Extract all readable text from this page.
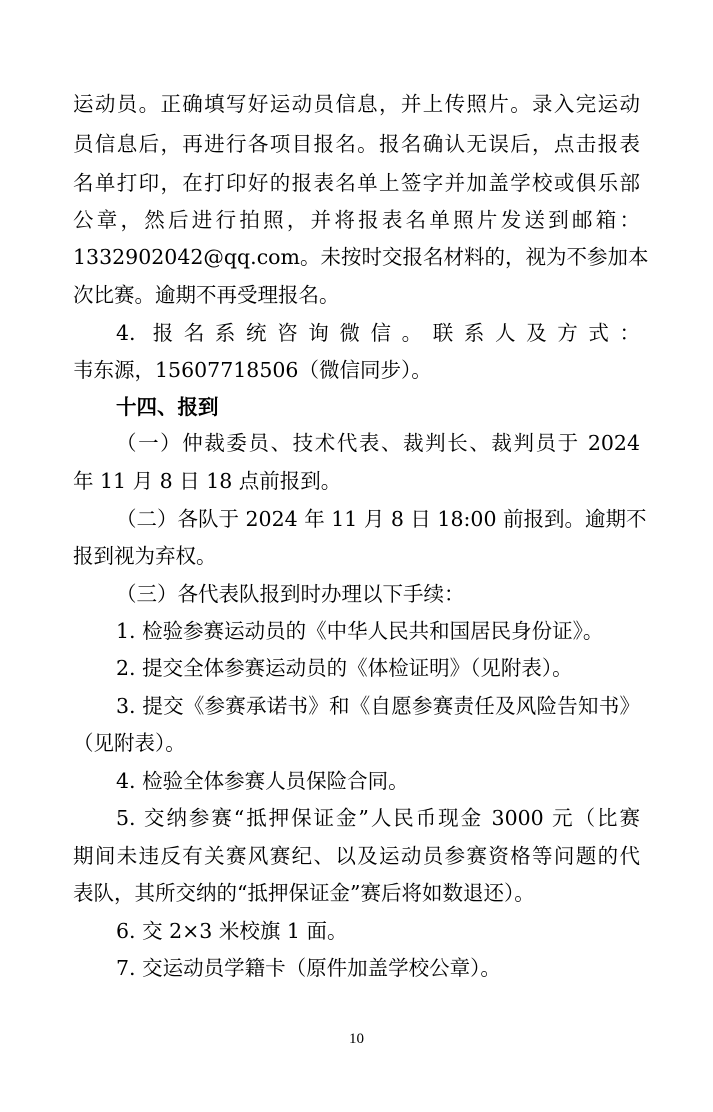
运动员。正确填写好运动员信息，并上传照片。录入完运动
员信息后，再进行各项目报名。报名确认无误后，点击报表
名单打印，在打印好的报表名单上签字并加盖学校或俱乐部
公章，然后进行拍照，并将报表名单照片发送到邮箱：
1332902042@qq.com。未按时交报名材料的，视为不参加本
次比赛。逾期不再受理报名。
4. 报名系统咨询微信。联系人及方式：
韦东源，15607718506（微信同步）。
十四、报到
（一）仲裁委员、技术代表、裁判长、裁判员于 2024
年 11 月 8 日 18 点前报到。
（二）各队于 2024 年 11 月 8 日 18:00 前报到。逾期不
报到视为弃权。
（三）各代表队报到时办理以下手续：
1. 检验参赛运动员的《中华人民共和国居民身份证》。
2. 提交全体参赛运动员的《体检证明》（见附表）。
3. 提交《参赛承诺书》和《自愿参赛责任及风险告知书》
（见附表）。
4. 检验全体参赛人员保险合同。
5. 交纳参赛“抵押保证金”人民币现金 3000 元（比赛
期间未违反有关赛风赛纪、以及运动员参赛资格等问题的代
表队，其所交纳的“抵押保证金”赛后将如数退还）。
6. 交 2×3 米校旗 1 面。
7. 交运动员学籍卡（原件加盖学校公章）。
10
